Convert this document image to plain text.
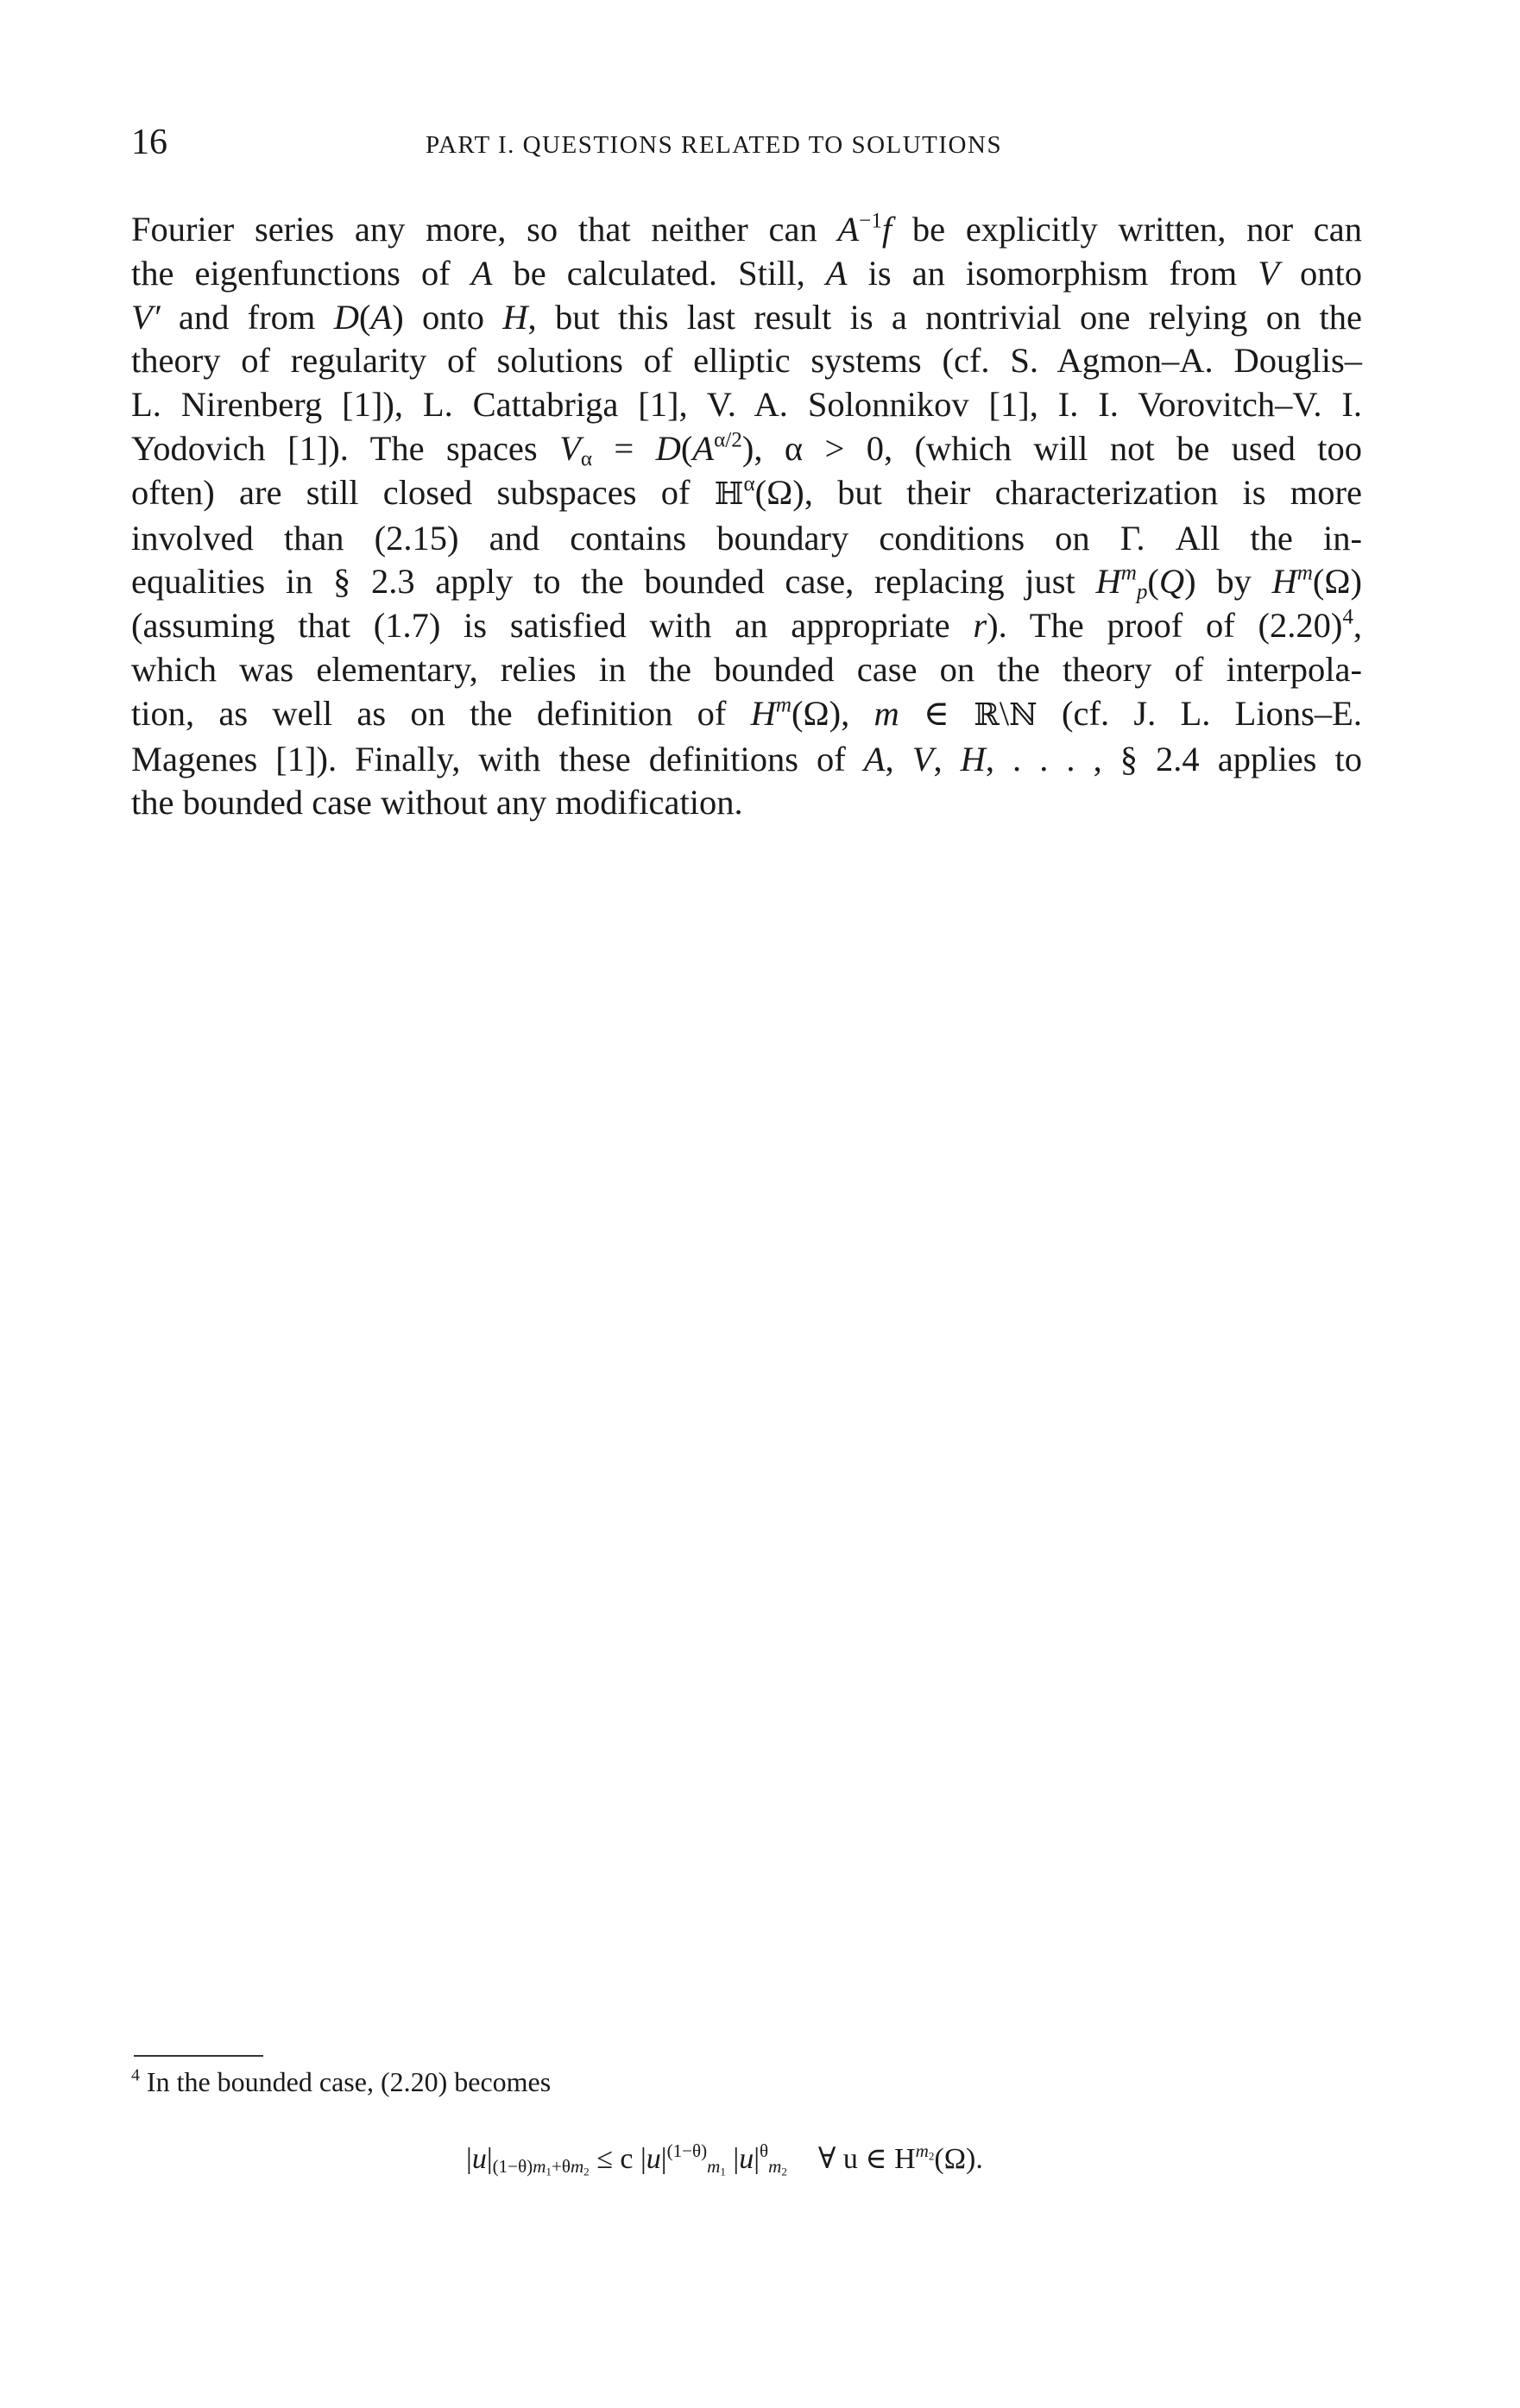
16	PART I. QUESTIONS RELATED TO SOLUTIONS
Fourier series any more, so that neither can $A^{-1}f$ be explicitly written, nor can
the eigenfunctions of A be calculated. Still, A is an isomorphism from V onto
V′ and from D(A) onto H, but this last result is a nontrivial one relying on the
theory of regularity of solutions of elliptic systems (cf. S. Agmon–A. Douglis–
L. Nirenberg [1]), L. Cattabriga [1], V. A. Solonnikov [1], I. I. Vorovitch–V. I.
Yodovich [1]). The spaces $V_\alpha = D(A^{\alpha/2})$, α > 0, (which will not be used too
often) are still closed subspaces of ℍ$^\alpha$(Ω), but their characterization is more
involved than (2.15) and contains boundary conditions on Γ. All the in-
equalities in § 2.3 apply to the bounded case, replacing just $H^m_p(Q)$ by $H^m(\Omega)$
(assuming that (1.7) is satisfied with an appropriate r). The proof of $(2.20)^4$,
which was elementary, relies in the bounded case on the theory of interpola-
tion, as well as on the definition of $H^m(\Omega)$, m ∈ ℝ\ℕ (cf. J. L. Lions–E.
Magenes [1]). Finally, with these definitions of A, V, H, . . . , § 2.4 applies to
the bounded case without any modification.
$^4$ In the bounded case, (2.20) becomes
$|u|_{(1-\theta)m_1+\theta m_2} \le c$ $|u|^{(1-\theta)}_{m_1}$ $|u|^\theta_{m_2}$ ∀ u ∈ $H^{m_2}(\Omega)$.
